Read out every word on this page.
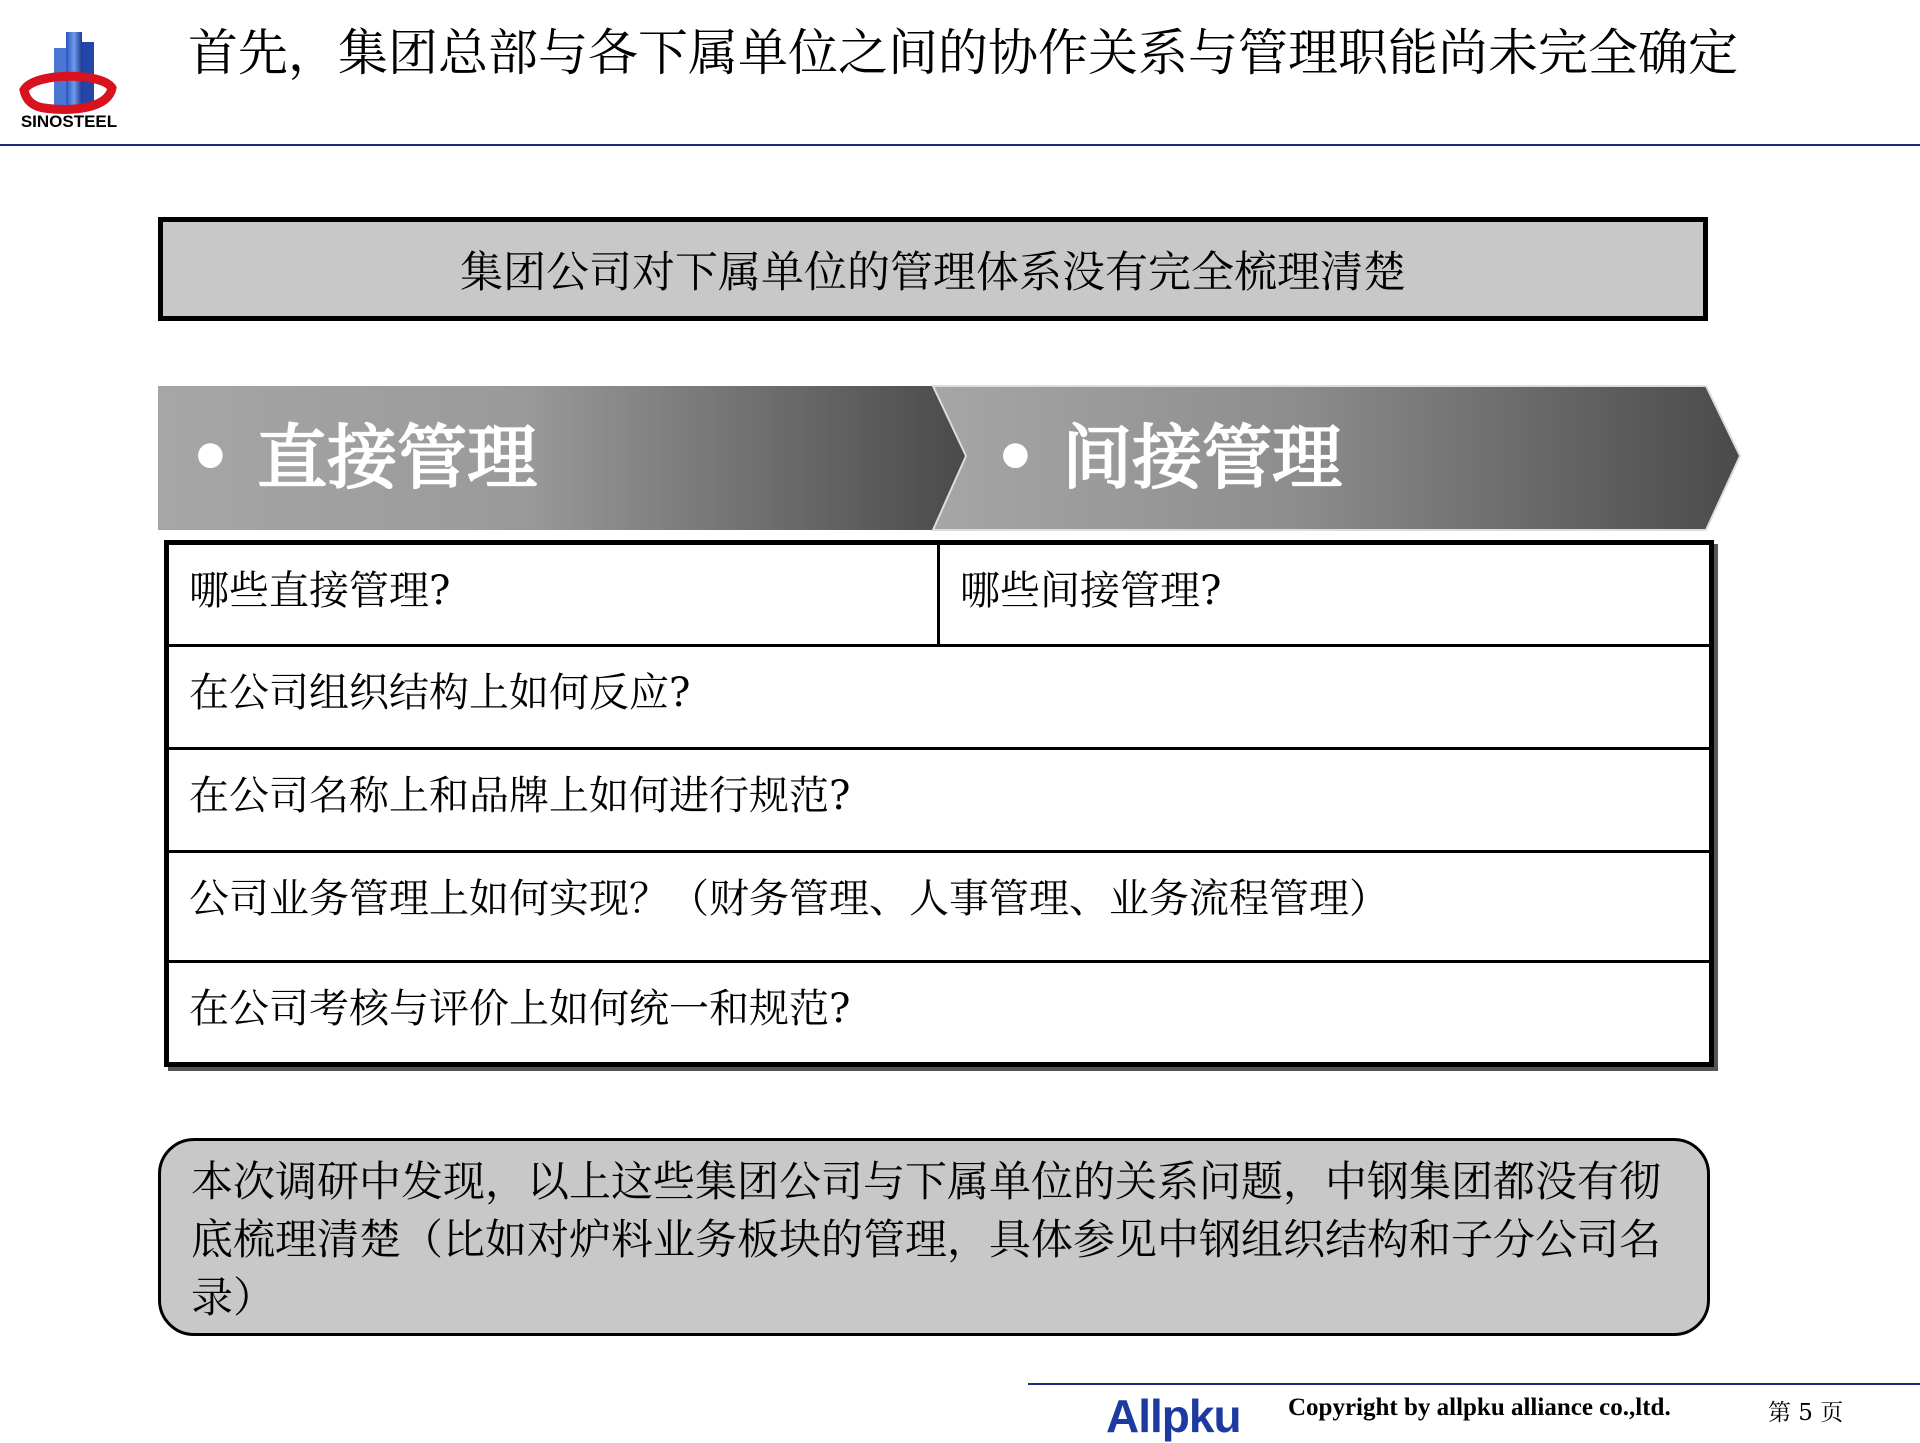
SINOSTEEL
首先，集团总部与各下属单位之间的协作关系与管理职能尚未完全确定
集团公司对下属单位的管理体系没有完全梳理清楚
• 直接管理	• 间接管理
哪些直接管理?	哪些间接管理?
在公司组织结构上如何反应?
在公司名称上和品牌上如何进行规范?
公司业务管理上如何实现？（财务管理、人事管理、业务流程管理）
在公司考核与评价上如何统一和规范?
本次调研中发现，以上这些集团公司与下属单位的关系问题，中钢集团都没有彻底梳理清楚（比如对炉料业务板块的管理，具体参见中钢组织结构和子分公司名录）
Allpku Copyright by allpku alliance co.,ltd.	第 5 页
